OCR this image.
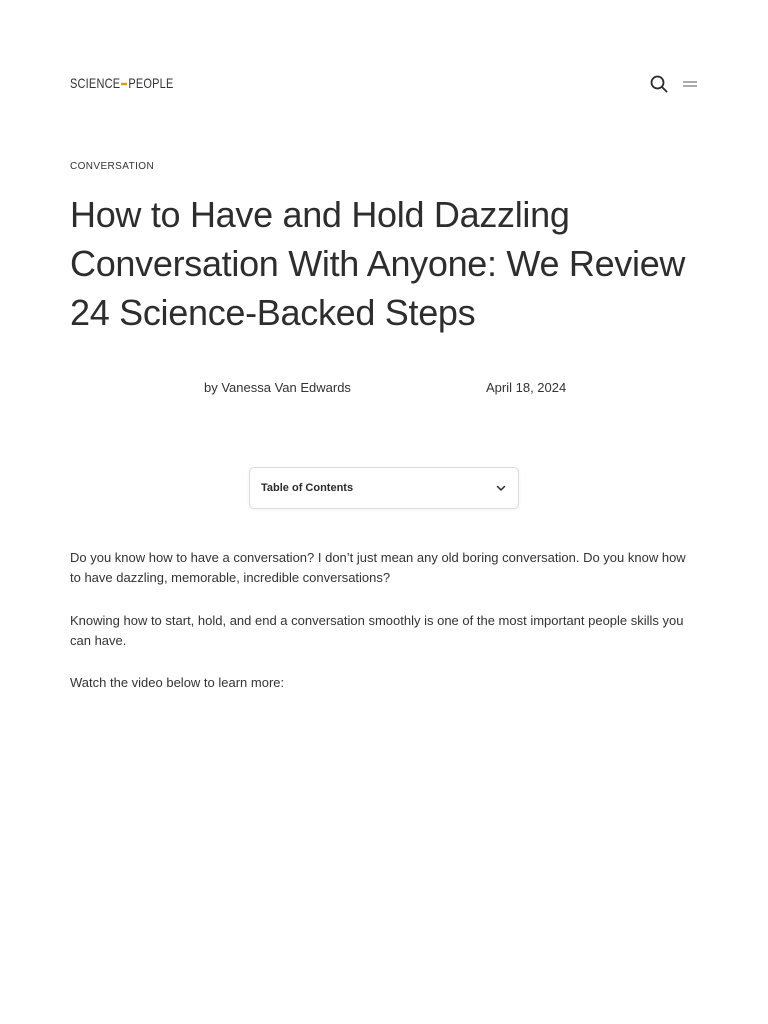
SCIENCE PEOPLE
CONVERSATION
How to Have and Hold Dazzling Conversation With Anyone: We Review 24 Science-Backed Steps
by Vanessa Van Edwards	April 18, 2024
Table of Contents

Do you know how to have a conversation? I don’t just mean any old boring conversation. Do you know how to have dazzling, memorable, incredible conversations?

Knowing how to start, hold, and end a conversation smoothly is one of the most important people skills you can have.

Watch the video below to learn more:
